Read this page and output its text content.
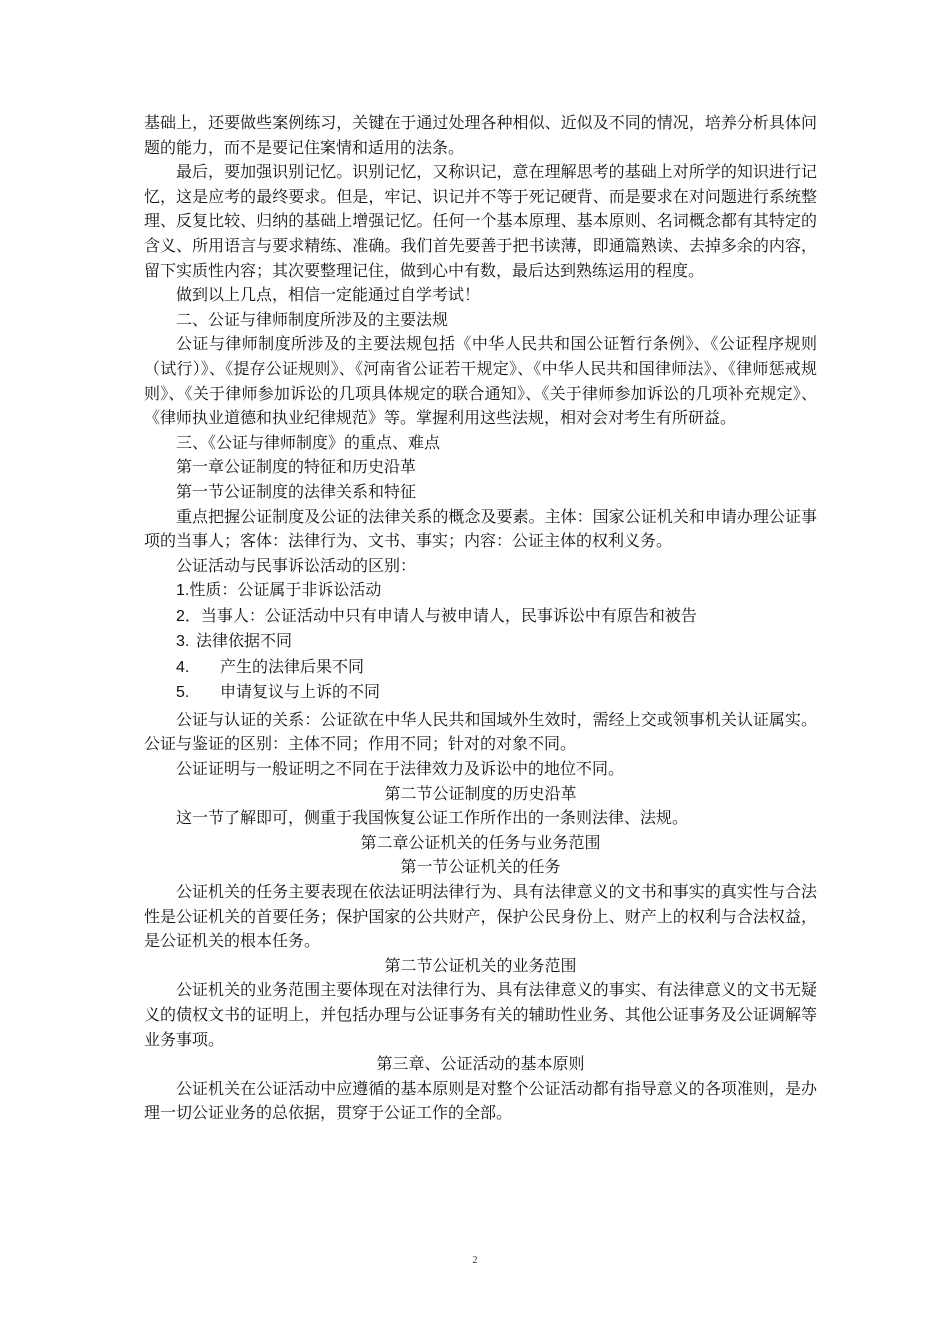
基础上，还要做些案例练习，关键在于通过处理各种相似、近似及不同的情况，培养分析具体问题的能力，而不是要记住案情和适用的法条。

最后，要加强识别记忆。识别记忆，又称识记，意在理解思考的基础上对所学的知识进行记忆，这是应考的最终要求。但是，牢记、识记并不等于死记硬背、而是要求在对问题进行系统整理、反复比较、归纳的基础上增强记忆。任何一个基本原理、基本原则、名词概念都有其特定的含义、所用语言与要求精练、准确。我们首先要善于把书读薄，即通篇熟读、去掉多余的内容，留下实质性内容；其次要整理记住，做到心中有数，最后达到熟练运用的程度。

做到以上几点，相信一定能通过自学考试！

二、公证与律师制度所涉及的主要法规

公证与律师制度所涉及的主要法规包括《中华人民共和国公证暂行条例》、《公证程序规则（试行）》、《提存公证规则》、《河南省公证若干规定》、《中华人民共和国律师法》、《律师惩戒规则》、《关于律师参加诉讼的几项具体规定的联合通知》、《关于律师参加诉讼的几项补充规定》、《律师执业道德和执业纪律规范》等。掌握利用这些法规，相对会对考生有所研益。

三、《公证与律师制度》的重点、难点

第一章公证制度的特征和历史沿革

第一节公证制度的法律关系和特征

重点把握公证制度及公证的法律关系的概念及要素。主体：国家公证机关和申请办理公证事项的当事人；客体：法律行为、文书、事实；内容：公证主体的权利义务。

公证活动与民事诉讼活动的区别：

1.性质：公证属于非诉讼活动

2．当事人：公证活动中只有申请人与被申请人，民事诉讼中有原告和被告

3. 法律依据不同

4. 产生的法律后果不同

5. 申请复议与上诉的不同

公证与认证的关系：公证欲在中华人民共和国域外生效时，需经上交或领事机关认证属实。公证与鉴证的区别：主体不同；作用不同；针对的对象不同。

公证证明与一般证明之不同在于法律效力及诉讼中的地位不同。

第二节公证制度的历史沿革

这一节了解即可，侧重于我国恢复公证工作所作出的一条则法律、法规。

第二章公证机关的任务与业务范围

第一节公证机关的任务

公证机关的任务主要表现在依法证明法律行为、具有法律意义的文书和事实的真实性与合法性是公证机关的首要任务；保护国家的公共财产，保护公民身份上、财产上的权利与合法权益，是公证机关的根本任务。

第二节公证机关的业务范围

公证机关的业务范围主要体现在对法律行为、具有法律意义的事实、有法律意义的文书无疑义的债权文书的证明上，并包括办理与公证事务有关的辅助性业务、其他公证事务及公证调解等业务事项。

第三章、公证活动的基本原则

公证机关在公证活动中应遵循的基本原则是对整个公证活动都有指导意义的各项准则，是办理一切公证业务的总依据，贯穿于公证工作的全部。

2
